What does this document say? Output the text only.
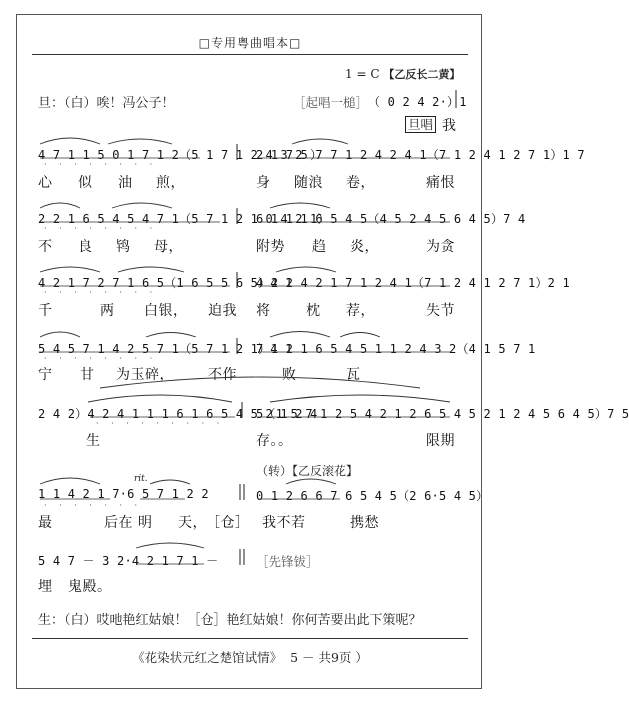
□专用粤曲唱本□
1 = C 【乙反长二黄】
旦：（白）唉！冯公子！	［起唱一槌］ （ 0 2 4 2·）1
旦唱 我
4 7 1 1 5 0 1 7 1 2（5 1 7 1 2 4 3 2 ）
2 1 7 5 7 7 1 2 4 2 4 1（7 1 2 4 1 2 7 1）1 7
· · · · · · · ·
心 似 油 煎，	身 随浪 卷，	痛恨
2 2 1 6 5 4 5 4 7 1（5 7 1 2 1 0 4 2 1）
6 1 1 1 6 5 4 5（4 5 2 4 5 6 4 5）7 4
· · · · · · · ·
不 良 鸨 母，	附势 趋 炎，	为贪
4 2 1 7 2 7 1 6 5（1 6 5 5 6 5）4 1
4 2 2 4 2 1 7 1 2 4 1（7 1 2 4 1 2 7 1）2 1
· · · · · · · ·
千	两 白银， 迫我 将	枕 荐，	失节
5 4 5 7 1 4 2 5 7 1（5 7 1 2 1）4 1
7 1 2 1 6 5 4 5 1 1 2 4 3 2（4 1 5 7 1
· · · · · · · ·
宁 甘 为玉碎， 不作	败	瓦
2 4 2）4 2 4 1 1 1 6 1 6 5 4 5 2 1 2 4
5（1 5 7 1 2 5 4 2 1 2 6 5 4 5 2 1 2 4 5 6 4 5）7 5
· · · · · · · · ·
生	存。。	限期
rit.
（转）【乙反滚花】
1 1 4 2 1 7·6 5 7 1 2 2	0 1 2 6 6 7 6 5 4 5（2 6·5 4 5）
· · · · · · ·
最	后在 明 天， ［仓］ 我不若	携愁
5 4 7 － 3 2·4 2 1 7 1 －	［先锋钹］
埋 鬼殿。
生：（白）哎吔艳红姑娘！［仓］艳红姑娘！你何苦要出此下策呢？
《花染状元红之楚馆试情》 5 － 共9页 ）
